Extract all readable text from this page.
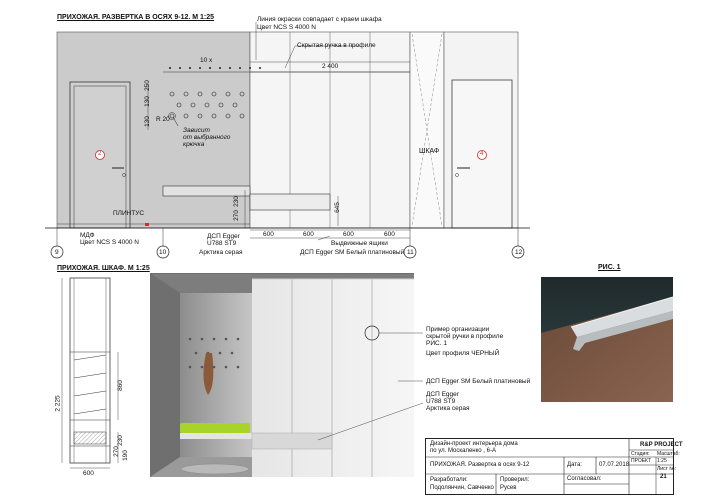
ПРИХОЖАЯ. РАЗВЕРТКА В ОСЯХ 9-12. М 1:25	Линия окраски совпадает с краем шкафа
Цвет NCS S 4000 N
Скрытая ручка в профиле
10 x
2 400
130
130
250
R 20
Зависит
от выбранного
крючка
2	4
ШКАФ
МДФ
Цвет NCS S 4000 N
ПЛИНТУС	270
230
645
600	600	600	600
ДСП Egger
U788 ST9
Арктика серая
Выдвижные ящики
ДСП Egger SM Белый платиновый
9	10	11	12
ПРИХОЖАЯ. ШКАФ. М 1:25
2 225
860
230
270 190
600
Пример организации
скрытой ручки в профиле
РИС. 1
Цвет профиля ЧЕРНЫЙ
ДСП Egger SM Белый платиновый
ДСП Egger
U788 ST9
Арктика серая
РИС. 1
Дизайн-проект интерьера дома
по ул. Москаленко , 6-А
R&P PROJECT
ПРИХОЖАЯ. Развертка в осях 9-12	Дата:	07.07.2018
Стадия:
ПРОЕКТ
Масштаб:
1:25
Лист №:
21
Разработали:
Подолянчин, Савченко
Проверил:
Русев
Согласовал:
